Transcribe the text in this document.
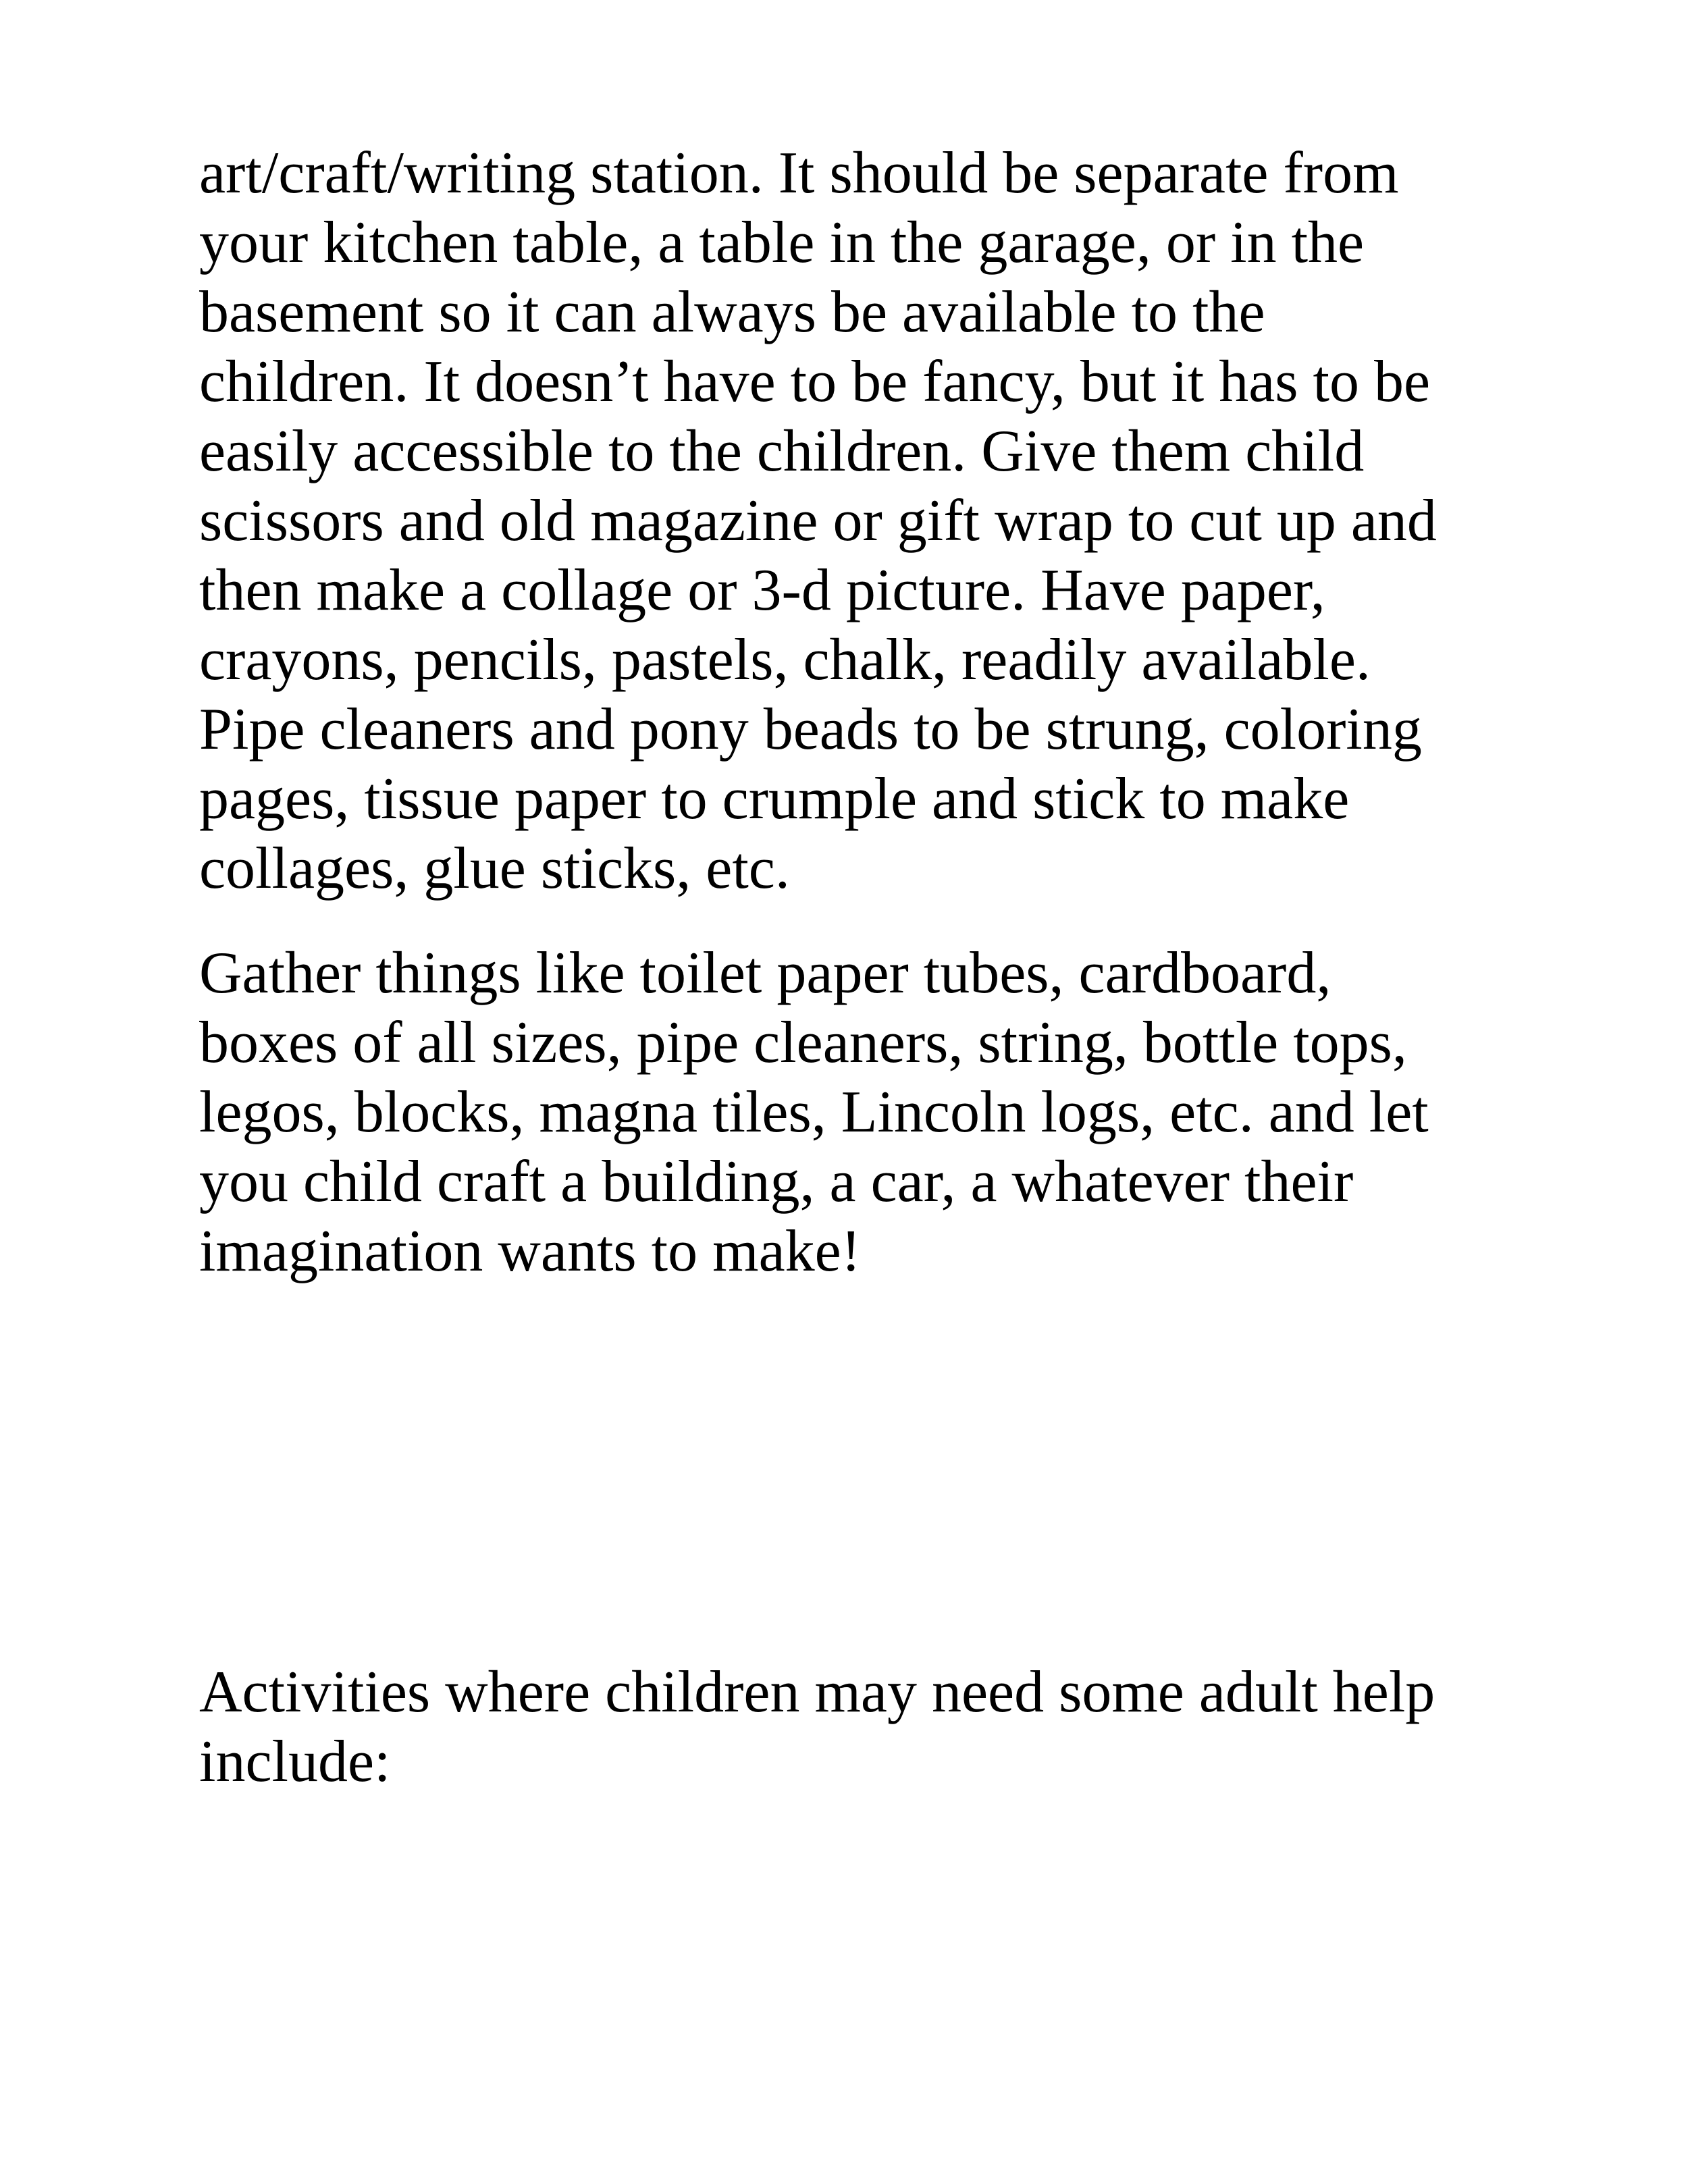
art/craft/writing station. It should be separate from
your kitchen table, a table in the garage, or in the
basement so it can always be available to the
children. It doesn’t have to be fancy, but it has to be
easily accessible to the children. Give them child
scissors and old magazine or gift wrap to cut up and
then make a collage or 3-d picture. Have paper,
crayons, pencils, pastels, chalk, readily available.
Pipe cleaners and pony beads to be strung, coloring
pages, tissue paper to crumple and stick to make
collages, glue sticks, etc.

Gather things like toilet paper tubes, cardboard,
boxes of all sizes, pipe cleaners, string, bottle tops,
legos, blocks, magna tiles, Lincoln logs, etc. and let
you child craft a building, a car, a whatever their
imagination wants to make!

Activities where children may need some adult help
include:
